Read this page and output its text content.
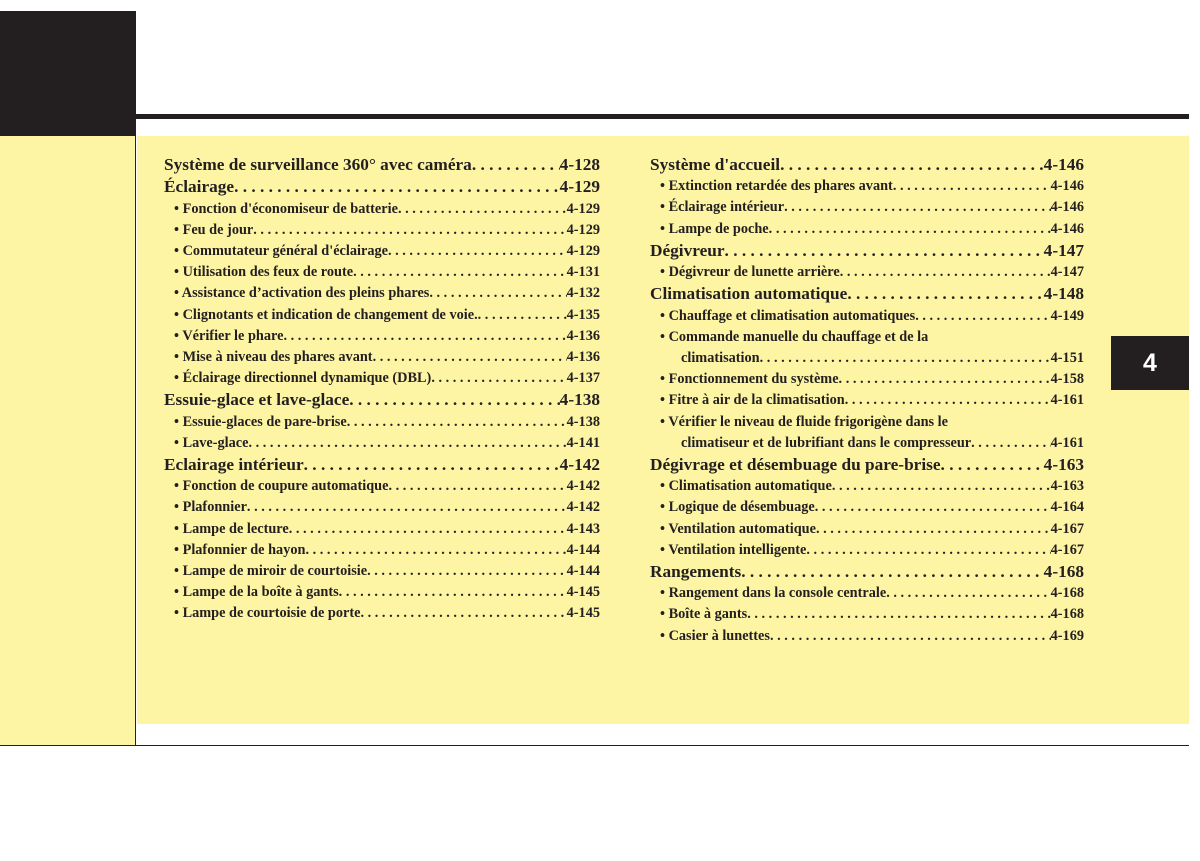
4
Système de surveillance 360° avec caméra . . .	4-128
Éclairage . . .	4-129
• Fonction d'économiseur de batterie . . .	4-129
• Feu de jour . . .	4-129
• Commutateur général d'éclairage . . .	4-129
• Utilisation des feux de route . . .	4-131
• Assistance d’activation des pleins phares . . .	4-132
• Clignotants et indication de changement de voie. . . .	4-135
• Vérifier le phare . . .	4-136
• Mise à niveau des phares avant . . .	4-136
• Éclairage directionnel dynamique (DBL) . . .	4-137
Essuie-glace et lave-glace . . .	4-138
• Essuie-glaces de pare-brise . . .	4-138
• Lave-glace . . .	4-141
Eclairage intérieur . . .	4-142
• Fonction de coupure automatique . . .	4-142
• Plafonnier . . .	4-142
• Lampe de lecture . . .	4-143
• Plafonnier de hayon . . .	4-144
• Lampe de miroir de courtoisie . . .	4-144
• Lampe de la boîte à gants . . .	4-145
• Lampe de courtoisie de porte . . .	4-145
Système d'accueil . . .	4-146
• Extinction retardée des phares avant . . .	4-146
• Éclairage intérieur . . .	4-146
• Lampe de poche . . .	4-146
Dégivreur . . .	4-147
• Dégivreur de lunette arrière . . .	4-147
Climatisation automatique . . .	4-148
• Chauffage et climatisation automatiques . . .	4-149
• Commande manuelle du chauffage et de la
climatisation . . .	4-151
• Fonctionnement du système . . .	4-158
• Fitre à air de la climatisation . . .	4-161
• Vérifier le niveau de fluide frigorigène dans le
climatiseur et de lubrifiant dans le compresseur . . .	4-161
Dégivrage et désembuage du pare-brise . . .	4-163
• Climatisation automatique . . .	4-163
• Logique de désembuage . . .	4-164
• Ventilation automatique . . .	4-167
• Ventilation intelligente . . .	4-167
Rangements . . .	4-168
• Rangement dans la console centrale . . .	4-168
• Boîte à gants . . .	4-168
• Casier à lunettes . . .	4-169
